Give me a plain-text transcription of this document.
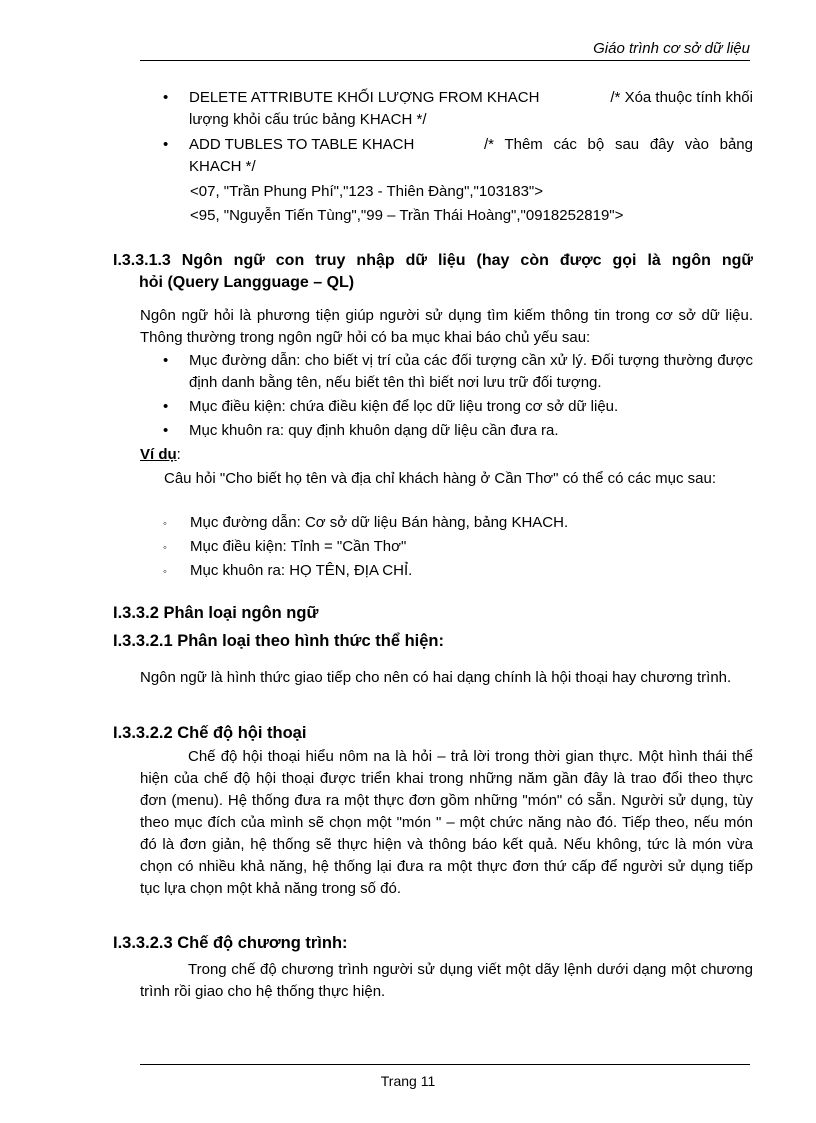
Giáo trình cơ sở dữ liệu
• DELETE ATTRIBUTE KHỐI LƯỢNG FROM KHACH	/* Xóa thuộc tính khối
lượng khỏi cấu trúc bảng KHACH */
• ADD TUBLES TO TABLE KHACH	/* Thêm các bộ sau đây vào bảng
KHACH */
<07, "Trần Phung Phí","123 - Thiên Đàng","103183">
<95, "Nguyễn Tiến Tùng","99 – Trần Thái Hoàng","0918252819">
I.3.3.1.3 Ngôn ngữ con truy nhập dữ liệu (hay còn được gọi là ngôn ngữ
hỏi (Query Langguage – QL)
Ngôn ngữ hỏi là phương tiện giúp người sử dụng tìm kiếm thông tin trong cơ sở dữ liệu. Thông thường trong ngôn ngữ hỏi có ba mục khai báo chủ yếu sau:
• Mục đường dẫn: cho biết vị trí của các đối tượng cần xử lý. Đối tượng thường được định danh bằng tên, nếu biết tên thì biết nơi lưu trữ đối tượng.
• Mục điều kiện: chứa điều kiện để lọc dữ liệu trong cơ sở dữ liệu.
• Mục khuôn ra: quy định khuôn dạng dữ liệu cần đưa ra.
Ví dụ:
Câu hỏi "Cho biết họ tên và địa chỉ khách hàng ở Cần Thơ" có thể có các mục sau:
◦ Mục đường dẫn: Cơ sở dữ liệu Bán hàng, bảng KHACH.
◦ Mục điều kiện: Tỉnh = "Cần Thơ"
◦ Mục khuôn ra: HỌ TÊN, ĐỊA CHỈ.
I.3.3.2 Phân loại ngôn ngữ
I.3.3.2.1 Phân loại theo hình thức thể hiện:
Ngôn ngữ là hình thức giao tiếp cho nên có hai dạng chính là hội thoại hay chương trình.
I.3.3.2.2 Chế độ hội thoại
Chế độ hội thoại hiểu nôm na là hỏi – trả lời trong thời gian thực. Một hình thái thể hiện của chế độ hội thoại được triển khai trong những năm gần đây là trao đổi theo thực đơn (menu). Hệ thống đưa ra một thực đơn gồm những "món" có sẵn. Người sử dụng, tùy theo mục đích của mình sẽ chọn một "món " – một chức năng nào đó. Tiếp theo, nếu món đó là đơn giản, hệ thống sẽ thực hiện và thông báo kết quả. Nếu không, tức là món vừa chọn có nhiều khả năng, hệ thống lại đưa ra một thực đơn thứ cấp để người sử dụng tiếp tục lựa chọn một khả năng trong số đó.
I.3.3.2.3 Chế độ chương trình:
Trong chế độ chương trình người sử dụng viết một dãy lệnh dưới dạng một chương trình rồi giao cho hệ thống thực hiện.
Trang 11
